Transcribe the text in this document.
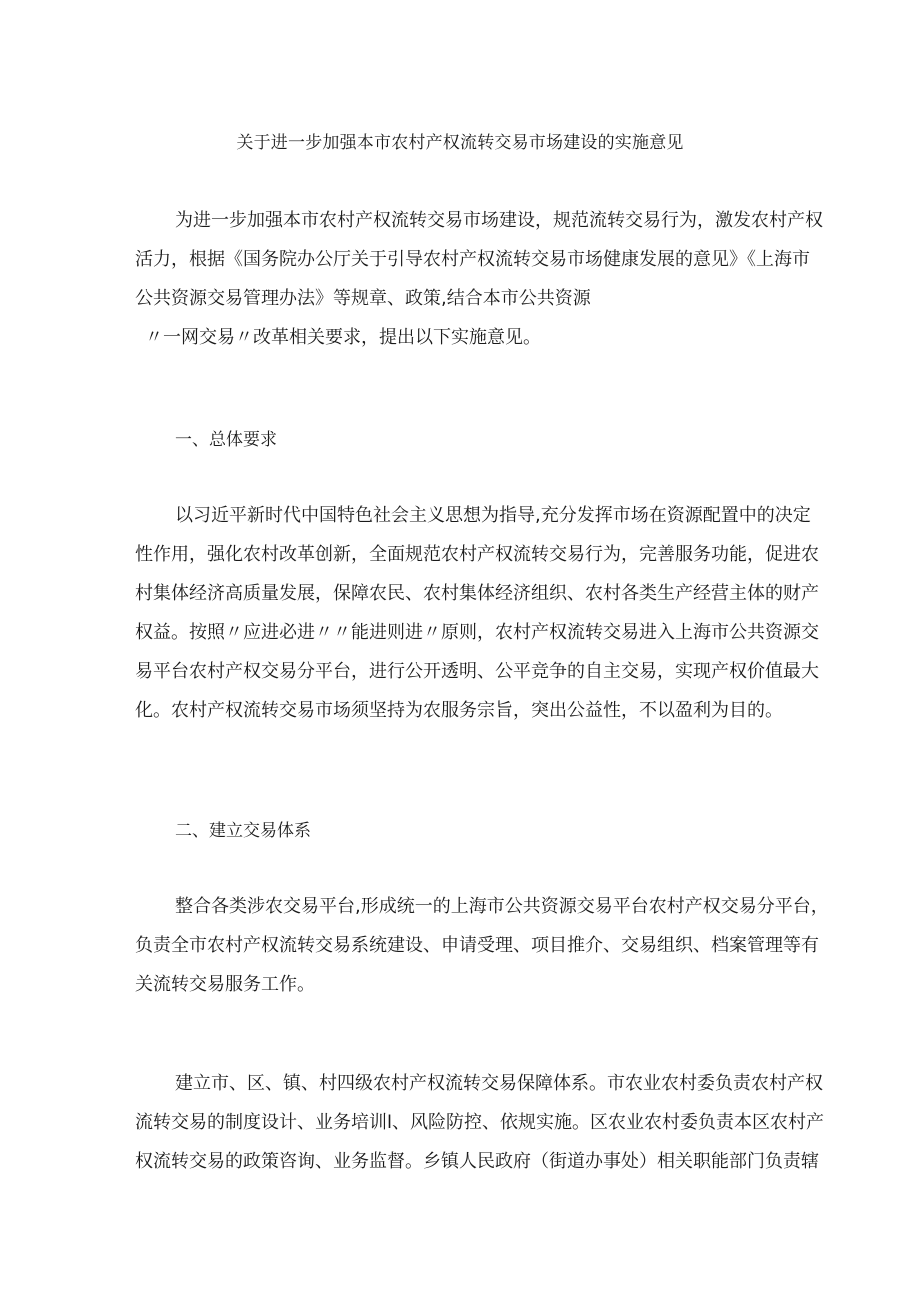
关于进一步加强本市农村产权流转交易市场建设的实施意见
为进一步加强本市农村产权流转交易市场建设，规范流转交易行为，激发农村产权
活力，根据《国务院办公厅关于引导农村产权流转交易市场健康发展的意见》《上海市
公共资源交易管理办法》等规章、政策,结合本市公共资源
〃一网交易〃改革相关要求，提出以下实施意见。
一、总体要求
以习近平新时代中国特色社会主义思想为指导,充分发挥市场在资源配置中的决定
性作用，强化农村改革创新，全面规范农村产权流转交易行为，完善服务功能，促进农
村集体经济高质量发展，保障农民、农村集体经济组织、农村各类生产经营主体的财产
权益。按照〃应进必进〃〃能进则进〃原则，农村产权流转交易进入上海市公共资源交
易平台农村产权交易分平台，进行公开透明、公平竞争的自主交易，实现产权价值最大
化。农村产权流转交易市场须坚持为农服务宗旨，突出公益性，不以盈利为目的。
二、建立交易体系
整合各类涉农交易平台,形成统一的上海市公共资源交易平台农村产权交易分平台，
负责全市农村产权流转交易系统建设、申请受理、项目推介、交易组织、档案管理等有
关流转交易服务工作。
建立市、区、镇、村四级农村产权流转交易保障体系。市农业农村委负责农村产权
流转交易的制度设计、业务培训l、风险防控、依规实施。区农业农村委负责本区农村产
权流转交易的政策咨询、业务监督。乡镇人民政府（街道办事处）相关职能部门负责辖
